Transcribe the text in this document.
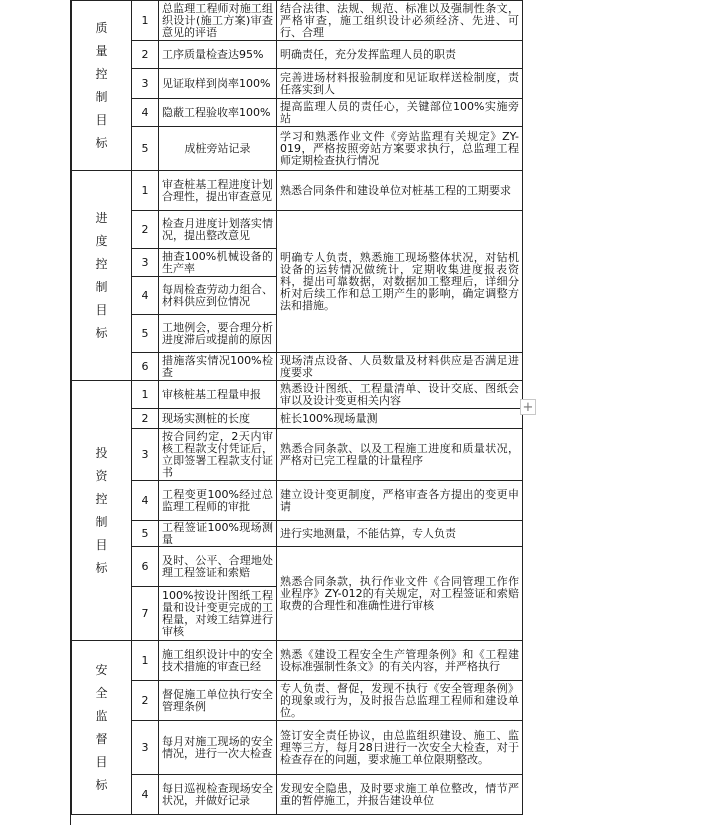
质量控制目标	1	总监理工程师对施工组织设计(施工方案)审查意见的评语	结合法律、法规、规范、标准以及强制性条文，严格审查，施工组织设计必须经济、先进、可行、合理
	2	工序质量检查达95%	明确责任，充分发挥监理人员的职责
	3	见证取样到岗率100%	完善进场材料报验制度和见证取样送检制度，责任落实到人
	4	隐蔽工程验收率100%	提高监理人员的责任心，关键部位100%实施旁站
	5	成桩旁站记录	学习和熟悉作业文件《旁站监理有关规定》ZY-019，严格按照旁站方案要求执行，总监理工程师定期检查执行情况

进度控制目标	1	审查桩基工程进度计划合理性，提出审查意见	熟悉合同条件和建设单位对桩基工程的工期要求
	2	检查月进度计划落实情况，提出整改意见	明确专人负责，熟悉施工现场整体状况，对钻机设备的运转情况做统计，定期收集进度报表资料，提出可靠数据，对数据加工整理后，详细分析对后续工作和总工期产生的影响，确定调整方法和措施。
	3	抽查100%机械设备的生产率	
	4	每周检查劳动力组合、材料供应到位情况	
	5	工地例会，要合理分析进度滞后或提前的原因	
	6	措施落实情况100%检查	现场清点设备、人员数量及材料供应是否满足进度要求

投资控制目标	1	审核桩基工程量申报	熟悉设计图纸、工程量清单、设计交底、图纸会审以及设计变更相关内容
	2	现场实测桩的长度	桩长100%现场量测
	3	按合同约定，2天内审核工程款支付凭证后，立即签署工程款支付证书	熟悉合同条款、以及工程施工进度和质量状况，严格对已完工程量的计量程序
	4	工程变更100%经过总监理工程师的审批	建立设计变更制度，严格审查各方提出的变更申请
	5	工程签证100%现场测量	进行实地测量，不能估算，专人负责
	6	及时、公平、合理地处理工程签证和索赔	熟悉合同条款，执行作业文件《合同管理工作作业程序》ZY-012的有关规定，对工程签证和索赔取费的合理性和准确性进行审核
	7	100%按设计图纸工程量和设计变更完成的工程量，对竣工结算进行审核	

安全监督目标	1	施工组织设计中的安全技术措施的审查已经	熟悉《建设工程安全生产管理条例》和《工程建设标准强制性条文》的有关内容，并严格执行
	2	督促施工单位执行安全管理条例	专人负责、督促，发现不执行《安全管理条例》的现象或行为，及时报告总监理工程师和建设单位。
	3	每月对施工现场的安全情况，进行一次大检查	签订安全责任协议，由总监组织建设、施工、监理等三方，每月28日进行一次安全大检查，对于检查存在的问题，要求施工单位限期整改。
	4	每日巡视检查现场安全状况，并做好记录	发现安全隐患，及时要求施工单位整改，情节严重的暂停施工，并报告建设单位
+
